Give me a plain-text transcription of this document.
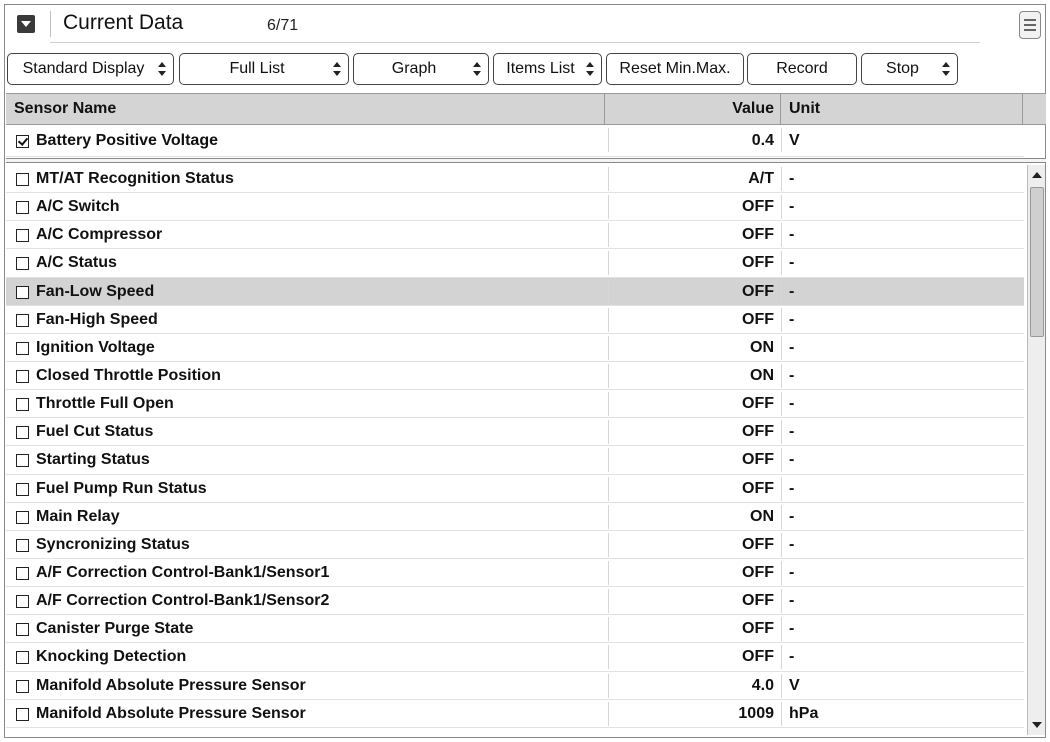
Current Data	6/71
Standard Display	Full List	Graph	Items List	Reset Min.Max.	Record	Stop
Sensor Name	Value Unit
Battery Positive Voltage	0.4 V
MT/AT Recognition Status	A/T -
A/C Switch	OFF -
A/C Compressor	OFF -
A/C Status	OFF -
Fan-Low Speed	OFF -
Fan-High Speed	OFF -
Ignition Voltage	ON -
Closed Throttle Position	ON -
Throttle Full Open	OFF -
Fuel Cut Status	OFF -
Starting Status	OFF -
Fuel Pump Run Status	OFF -
Main Relay	ON -
Syncronizing Status	OFF -
A/F Correction Control-Bank1/Sensor1	OFF -
A/F Correction Control-Bank1/Sensor2	OFF -
Canister Purge State	OFF -
Knocking Detection	OFF -
Manifold Absolute Pressure Sensor	4.0 V
Manifold Absolute Pressure Sensor	1009 hPa
